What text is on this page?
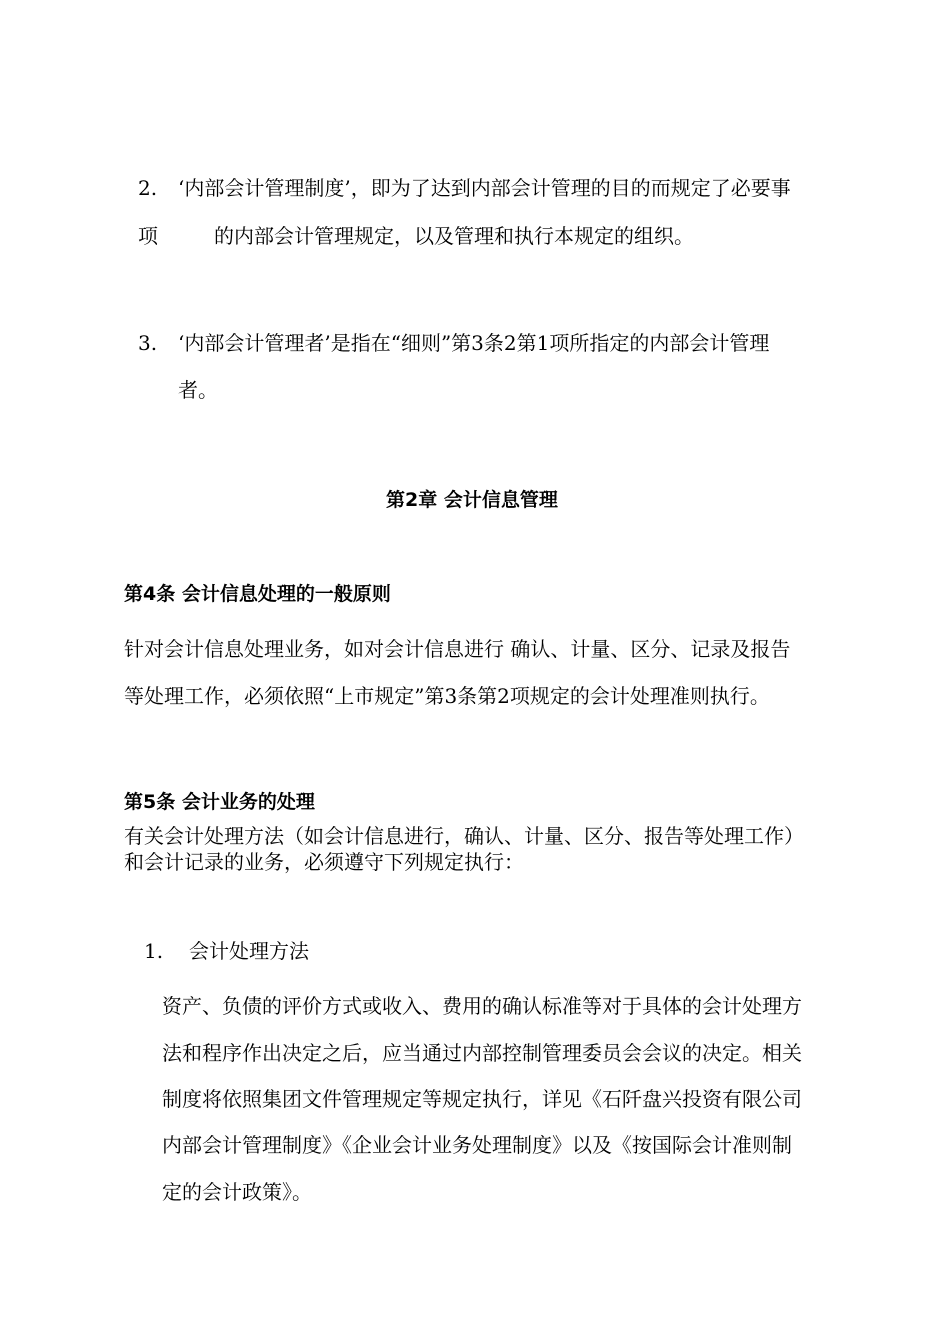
2. ‘内部会计管理制度’，即为了达到内部会计管理的目的而规定了必要事
项	的内部会计管理规定，以及管理和执行本规定的组织。
3. ‘内部会计管理者’是指在“细则”第3条2第1项所指定的内部会计管理
者。
第2章 会计信息管理
第4条 会计信息处理的一般原则
针对会计信息处理业务，如对会计信息进行 确认、计量、区分、记录及报告
等处理工作，必须依照“上市规定”第3条第2项规定的会计处理准则执行。
第5条 会计业务的处理
有关会计处理方法（如会计信息进行，确认、计量、区分、报告等处理工作）
和会计记录的业务，必须遵守下列规定执行：
1. 会计处理方法
资产、负债的评价方式或收入、费用的确认标准等对于具体的会计处理方
法和程序作出决定之后，应当通过内部控制管理委员会会议的决定。相关
制度将依照集团文件管理规定等规定执行，详见《石阡盘兴投资有限公司
内部会计管理制度》《企业会计业务处理制度》以及《按国际会计准则制
定的会计政策》。
